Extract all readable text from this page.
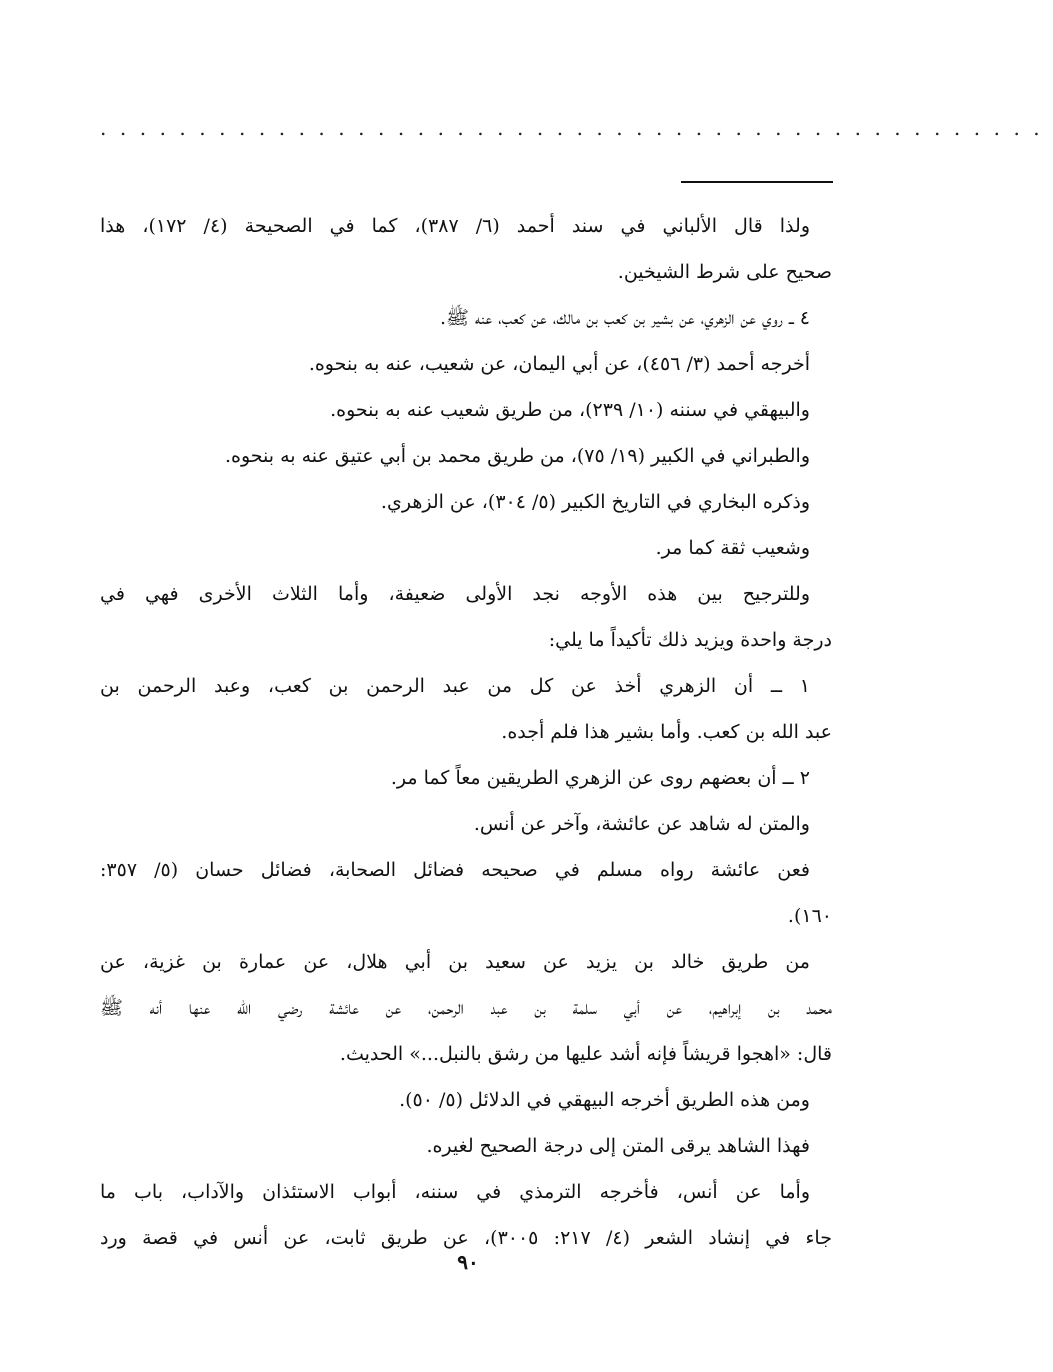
................................................
ولذا قال الألباني في سند أحمد (٦/ ٣٨٧)، كما في الصحيحة (٤/ ١٧٢)، هذا
صحيح على شرط الشيخين.
٤ ــ روي عن الزهري، عن بشير بن كعب بن مالك، عن كعب، عنه ﷺ.
أخرجه أحمد (٣/ ٤٥٦)، عن أبي اليمان، عن شعيب، عنه به بنحوه.
والبيهقي في سننه (١٠/ ٢٣٩)، من طريق شعيب عنه به بنحوه.
والطبراني في الكبير (١٩/ ٧٥)، من طريق محمد بن أبي عتيق عنه به بنحوه.
وذكره البخاري في التاريخ الكبير (٥/ ٣٠٤)، عن الزهري.
وشعيب ثقة كما مر.
وللترجيح بين هذه الأوجه نجد الأولى ضعيفة، وأما الثلاث الأخرى فهي في
درجة واحدة ويزيد ذلك تأكيداً ما يلي:
١ ــ أن الزهري أخذ عن كل من عبد الرحمن بن كعب، وعبد الرحمن بن
عبد الله بن كعب. وأما بشير هذا فلم أجده.
٢ ــ أن بعضهم روى عن الزهري الطريقين معاً كما مر.
والمتن له شاهد عن عائشة، وآخر عن أنس.
فعن عائشة رواه مسلم في صحيحه فضائل الصحابة، فضائل حسان (٥/ ٣٥٧:
١٦٠).
من طريق خالد بن يزيد عن سعيد بن أبي هلال، عن عمارة بن غزية، عن
محمد بن إبراهيم، عن أبي سلمة بن عبد الرحمن، عن عائشة رضي الله عنها أنه ﷺ
قال: «اهجوا قريشاً فإنه أشد عليها من رشق بالنبل...» الحديث.
ومن هذه الطريق أخرجه البيهقي في الدلائل (٥/ ٥٠).
فهذا الشاهد يرقى المتن إلى درجة الصحيح لغيره.
وأما عن أنس، فأخرجه الترمذي في سننه، أبواب الاستئذان والآداب، باب ما
جاء في إنشاد الشعر (٤/ ٢١٧: ٣٠٠٥)، عن طريق ثابت، عن أنس في قصة ورد
٩٠
